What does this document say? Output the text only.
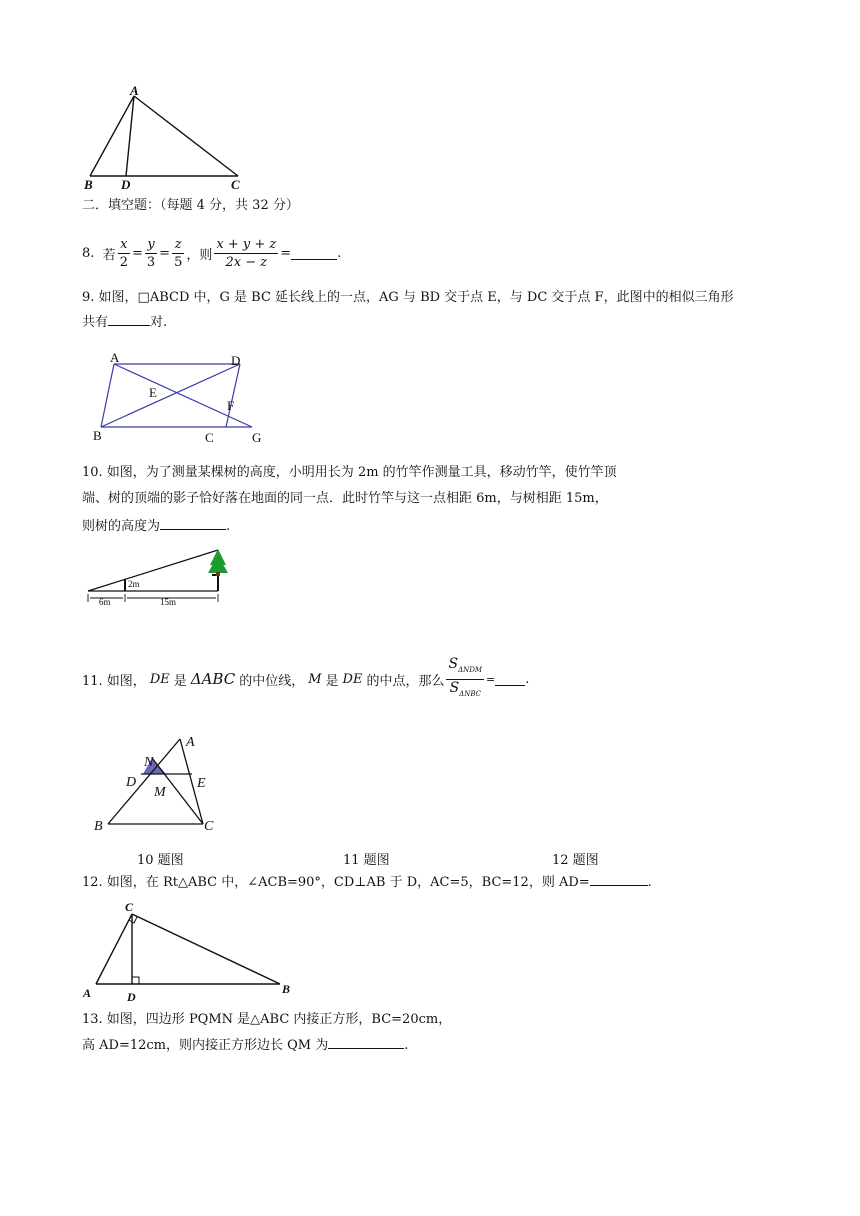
A
B D	C
二．填空题：（每题 4 分，共 32 分）
8.
若 $\frac{x}{2} = \frac{y}{3} = \frac{z}{5}$ ，则 $\frac{x + y + z}{2x - z}$ =	.
9. 如图，□ABCD 中，G 是 BC 延长线上的一点，AG 与 BD 交于点 E，与 DC 交于点 F，此图中的相似三角形
共有	对.
A	D
E
F
B	C	G
10. 如图，为了测量某棵树的高度，小明用长为 2m 的竹竿作测量工具，移动竹竿，使竹竿顶
端、树的顶端的影子恰好落在地面的同一点．此时竹竿与这一点相距 6m，与树相距 15m，
则树的高度为	.
2m
6m	15m
11. 如图， DE 是 ΔABC 的中位线， M 是 DE 的中点，那么 $\frac{S_{\Delta NDM}}{S_{\Delta NBC}}$ = .
A
N
D	E
M
B	C
10 题图	11 题图	12 题图
12. 如图，在 Rt△ABC 中，∠ACB=90°，CD⊥AB 于 D，AC=5，BC=12，则 AD=	.
C
A	D
B
13. 如图，四边形 PQMN 是△ABC 内接正方形，BC=20cm，
高 AD=12cm，则内接正方形边长 QM 为	.
